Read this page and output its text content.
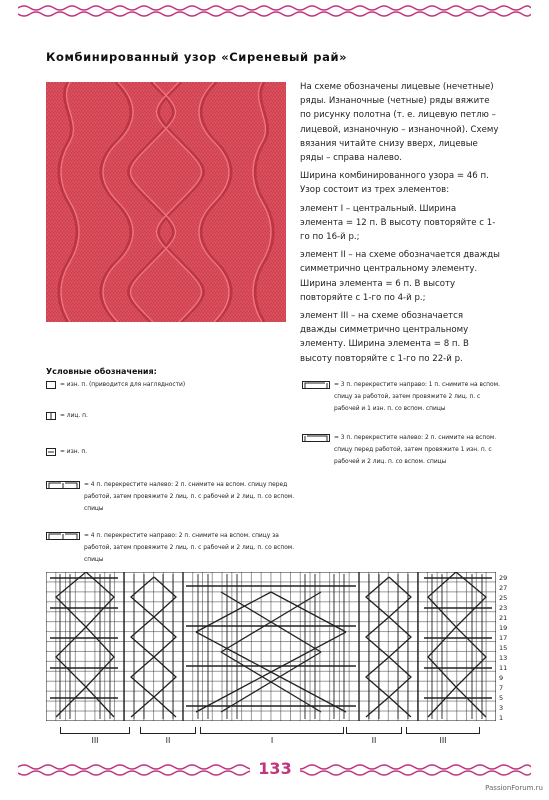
Комбинированный узор «Сиреневый рай»

На схеме обозначены лицевые (нечетные) ряды. Изнаночные (четные) ряды вяжите по рисунку полотна (т. е. лицевую петлю – лицевой, изнаночную – изнаночной). Схему вязания читайте снизу вверх, лицевые ряды – справа налево.

Ширина комбинированного узора = 46 п. Узор состоит из трех элементов:

элемент I – центральный. Ширина элемента = 12 п. В высоту повторяйте с 1-го по 16-й р.;

элемент II – на схеме обозначается дважды симметрично центральному элементу. Ширина элемента = 6 п. В высоту повторяйте с 1-го по 4-й р.;

элемент III – на схеме обозначается дважды симметрично центральному элементу. Ширина элемента = 8 п. В высоту повторяйте с 1-го по 22-й р.

Условные обозначения:
= изн. п. (приводится для наглядности)
= лиц. п.
= изн. п.
= 4 п. перекрестите налево: 2 п. снимите на вспом. спицу перед работой, затем провяжите 2 лиц. п. с рабочей и 2 лиц. п. со вспом. спицы
= 4 п. перекрестите направо: 2 п. снимите на вспом. спицу за работой, затем провяжите 2 лиц. п. с рабочей и 2 лиц. п. со вспом. спицы
= 3 п. перекрестите направо: 1 п. снимите на вспом. спицу за работой, затем провяжите 2 лиц. п. с рабочей и 1 изн. п. со вспом. спицы
= 3 п. перекрестите налево: 2 п. снимите на вспом. спицу перед работой, затем провяжите 1 изн. п. с рабочей и 2 лиц. п. со вспом. спицы
29
27
25
23
21
19
17
15
13
11
9
7
5
3
1
III	II	I	II	III
133
PassionForum.ru
